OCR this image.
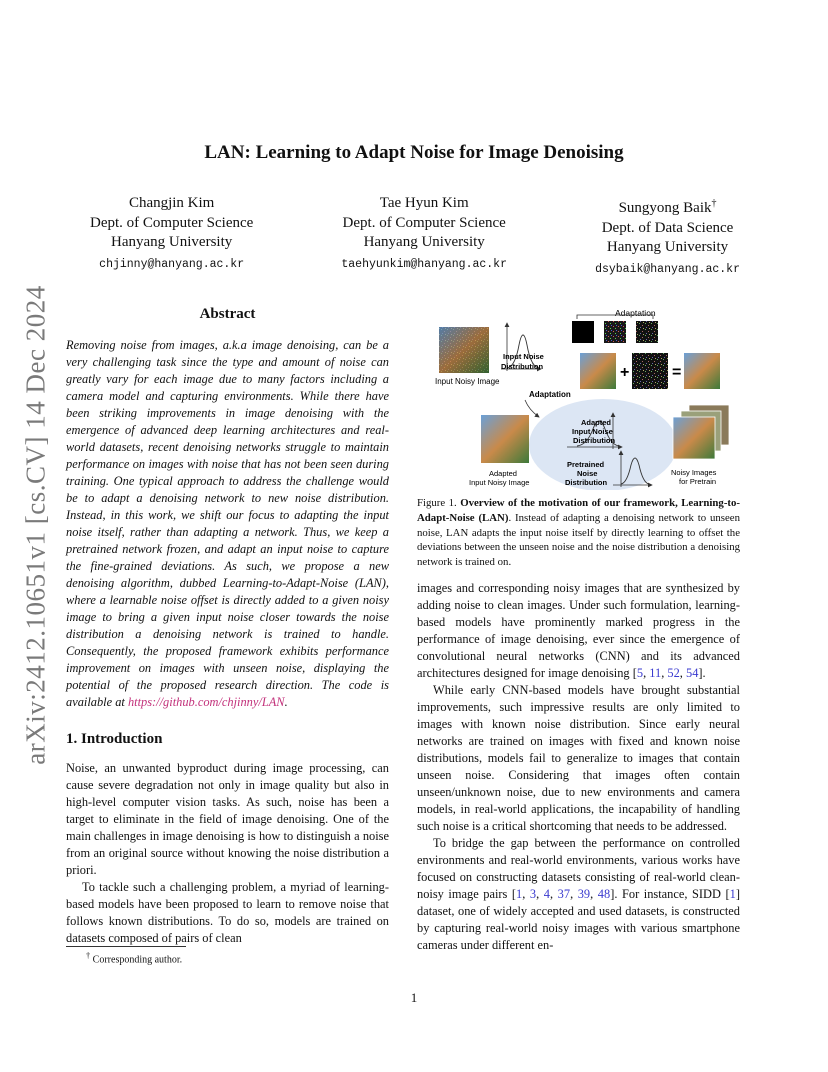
arXiv:2412.10651v1 [cs.CV] 14 Dec 2024
LAN: Learning to Adapt Noise for Image Denoising
Changjin Kim
Dept. of Computer Science
Hanyang University
chjinny@hanyang.ac.kr
Tae Hyun Kim
Dept. of Computer Science
Hanyang University
taehyunkim@hanyang.ac.kr
Sungyong Baik†
Dept. of Data Science
Hanyang University
dsybaik@hanyang.ac.kr
Abstract

Removing noise from images, a.k.a image denoising, can be a very challenging task since the type and amount of noise can greatly vary for each image due to many factors including a camera model and capturing environments. While there have been striking improvements in image denoising with the emergence of advanced deep learning architectures and real-world datasets, recent denoising networks struggle to maintain performance on images with noise that has not been seen during training. One typical approach to address the challenge would be to adapt a denoising network to new noise distribution. Instead, in this work, we shift our focus to adapting the input noise itself, rather than adapting a network. Thus, we keep a pretrained network frozen, and adapt an input noise to capture the fine-grained deviations. As such, we propose a new denoising algorithm, dubbed Learning-to-Adapt-Noise (LAN), where a learnable noise offset is directly added to a given noisy image to bring a given input noise closer towards the noise distribution a denoising network is trained to handle. Consequently, the proposed framework exhibits performance improvement on images with unseen noise, displaying the potential of the proposed research direction. The code is available at https://github.com/chjinny/LAN.

1. Introduction

Noise, an unwanted byproduct during image processing, can cause severe degradation not only in image quality but also in high-level computer vision tasks. As such, noise has been a target to eliminate in the field of image denoising. One of the main challenges in image denoising is how to distinguish a noise from an original source without knowing the noise distribution a priori.

To tackle such a challenging problem, a myriad of learning-based models have been proposed to learn to remove noise that follows known distributions. To do so, models are trained on datasets composed of pairs of clean

† Corresponding author.

Adaptation
Input Noisy Image
Input Noise Distribution	+	=
Adaptation
Adapted Input Noisy Image
Adapted Input Noise Distribution
Pretrained Noise Distribution
Noisy Images for Pretrain

Figure 1. Overview of the motivation of our framework, Learning-to-Adapt-Noise (LAN). Instead of adapting a denoising network to unseen noise, LAN adapts the input noise itself by directly learning to offset the deviations between the unseen noise and the noise distribution a denoising network is trained on.

images and corresponding noisy images that are synthesized by adding noise to clean images. Under such formulation, learning-based models have prominently marked progress in the performance of image denoising, ever since the emergence of convolutional neural networks (CNN) and its advanced architectures designed for image denoising [5, 11, 52, 54].

While early CNN-based models have brought substantial improvements, such impressive results are only limited to images with known noise distribution. Since early neural networks are trained on images with fixed and known noise distributions, models fail to generalize to images that contain unseen noise. Considering that images often contain unseen/unknown noise, due to new environments and camera models, in real-world applications, the incapability of handling such noise is a critical shortcoming that needs to be addressed.

To bridge the gap between the performance on controlled environments and real-world environments, various works have focused on constructing datasets consisting of real-world clean-noisy image pairs [1, 3, 4, 37, 39, 48]. For instance, SIDD [1] dataset, one of widely accepted and used datasets, is constructed by capturing real-world noisy images with various smartphone cameras under different en-

1
